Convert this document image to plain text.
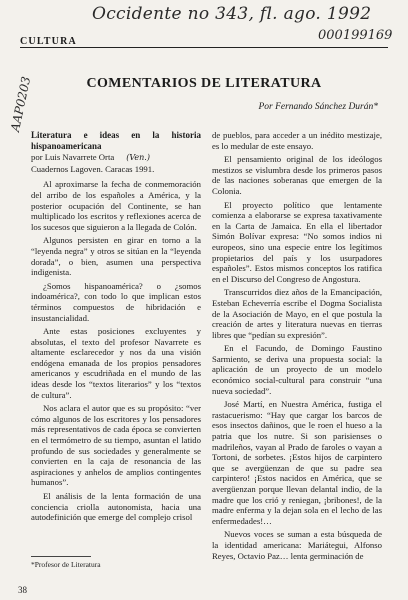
Occidente no 343, fl. ago. 1992
000199169
AAP0203
CULTURA
COMENTARIOS DE LITERATURA
Por Fernando Sánchez Durán*
Literatura e ideas en la historia hispanoamericana
por Luis Navarrete Orta (Ven.)
Cuadernos Lagoven. Caracas 1991.

Al aproximarse la fecha de conmemoración del arribo de los españoles a América, y la posterior ocupación del Continente, se han multiplicado los escritos y reflexiones acerca de los sucesos que siguieron a la llegada de Colón.

Algunos persisten en girar en torno a la “leyenda negra” y otros se sitúan en la “leyenda dorada”, o bien, asumen una perspectiva indigenista.

¿Somos hispanoamérica? o ¿somos indoamérica?, con todo lo que implican estos términos compuestos de hibridación e insustancialidad.

Ante estas posiciones excluyentes y absolutas, el texto del profesor Navarrete es altamente esclarecedor y nos da una visión endógena emanada de los propios pensadores americanos y escudriñada en el mundo de las ideas desde los “textos literarios” y los “textos de cultura”.

Nos aclara el autor que es su propósito: “ver cómo algunos de los escritores y los pensadores más representativos de cada época se convierten en el termómetro de su tiempo, asuntan el latido profundo de sus sociedades y generalmente se convierten en la caja de resonancia de las aspiraciones y anhelos de amplios contingentes humanos”.

El análisis de la lenta formación de una conciencia criolla autonomista, hacia una autodefinición que emerge del complejo crisol

de pueblos, para acceder a un inédito mestizaje, es lo medular de este ensayo.

El pensamiento original de los ideólogos mestizos se vislumbra desde los primeros pasos de las naciones soberanas que emergen de la Colonia.

El proyecto político que lentamente comienza a elaborarse se expresa taxativamente en la Carta de Jamaica. En ella el libertador Simón Bolívar expresa: “No somos indios ni europeos, sino una especie entre los legítimos propietarios del país y los usurpadores españoles”. Estos mismos conceptos los ratifica en el Discurso del Congreso de Angostura.

Transcurridos diez años de la Emancipación, Esteban Echeverría escribe el Dogma Socialista de la Asociación de Mayo, en el que postula la creación de artes y literatura nuevas en tierras libres que “pedían su expresión”.

En el Facundo, de Domingo Faustino Sarmiento, se deriva una propuesta social: la aplicación de un proyecto de un modelo económico social-cultural para construir “una nueva sociedad”.

José Martí, en Nuestra América, fustiga el rastacuerismo: “Hay que cargar los barcos de esos insectos dañinos, que le roen el hueso a la patria que los nutre. Si son parisienses o madrileños, vayan al Prado de faroles o vayan a Tortoni, de sorbetes. ¡Estos hijos de carpintero que se avergüenzan de que su padre sea carpintero! ¡Estos nacidos en América, que se avergüenzan porque llevan delantal indio, de la madre que los crió y reniegan, ¡bribones!, de la madre enferma y la dejan sola en el lecho de las enfermedades!…

Nuevos voces se suman a esta búsqueda de la identidad americana: Mariátegui, Alfonso Reyes, Octavio Paz… lenta germinación de

*Profesor de Literatura
38
